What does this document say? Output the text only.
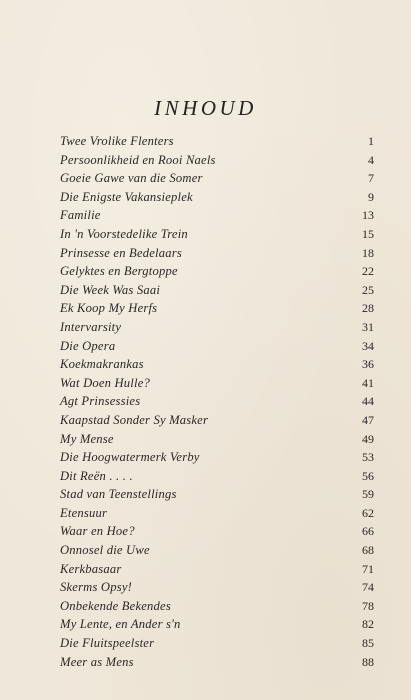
INHOUD
Twee Vrolike Flenters	1
Persoonlikheid en Rooi Naels	4
Goeie Gawe van die Somer	7
Die Enigste Vakansieplek	9
Familie	13
In 'n Voorstedelike Trein	15
Prinsesse en Bedelaars	18
Gelyktes en Bergtoppe	22
Die Week Was Saai	25
Ek Koop My Herfs	28
Intervarsity	31
Die Opera	34
Koekmakrankas	36
Wat Doen Hulle?	41
Agt Prinsessies	44
Kaapstad Sonder Sy Masker	47
My Mense	49
Die Hoogwatermerk Verby	53
Dit Reën . . . .	56
Stad van Teenstellings	59
Etensuur	62
Waar en Hoe?	66
Onnosel die Uwe	68
Kerkbasaar	71
Skerms Opsy!	74
Onbekende Bekendes	78
My Lente, en Ander s'n	82
Die Fluitspeelster	85
Meer as Mens	88
